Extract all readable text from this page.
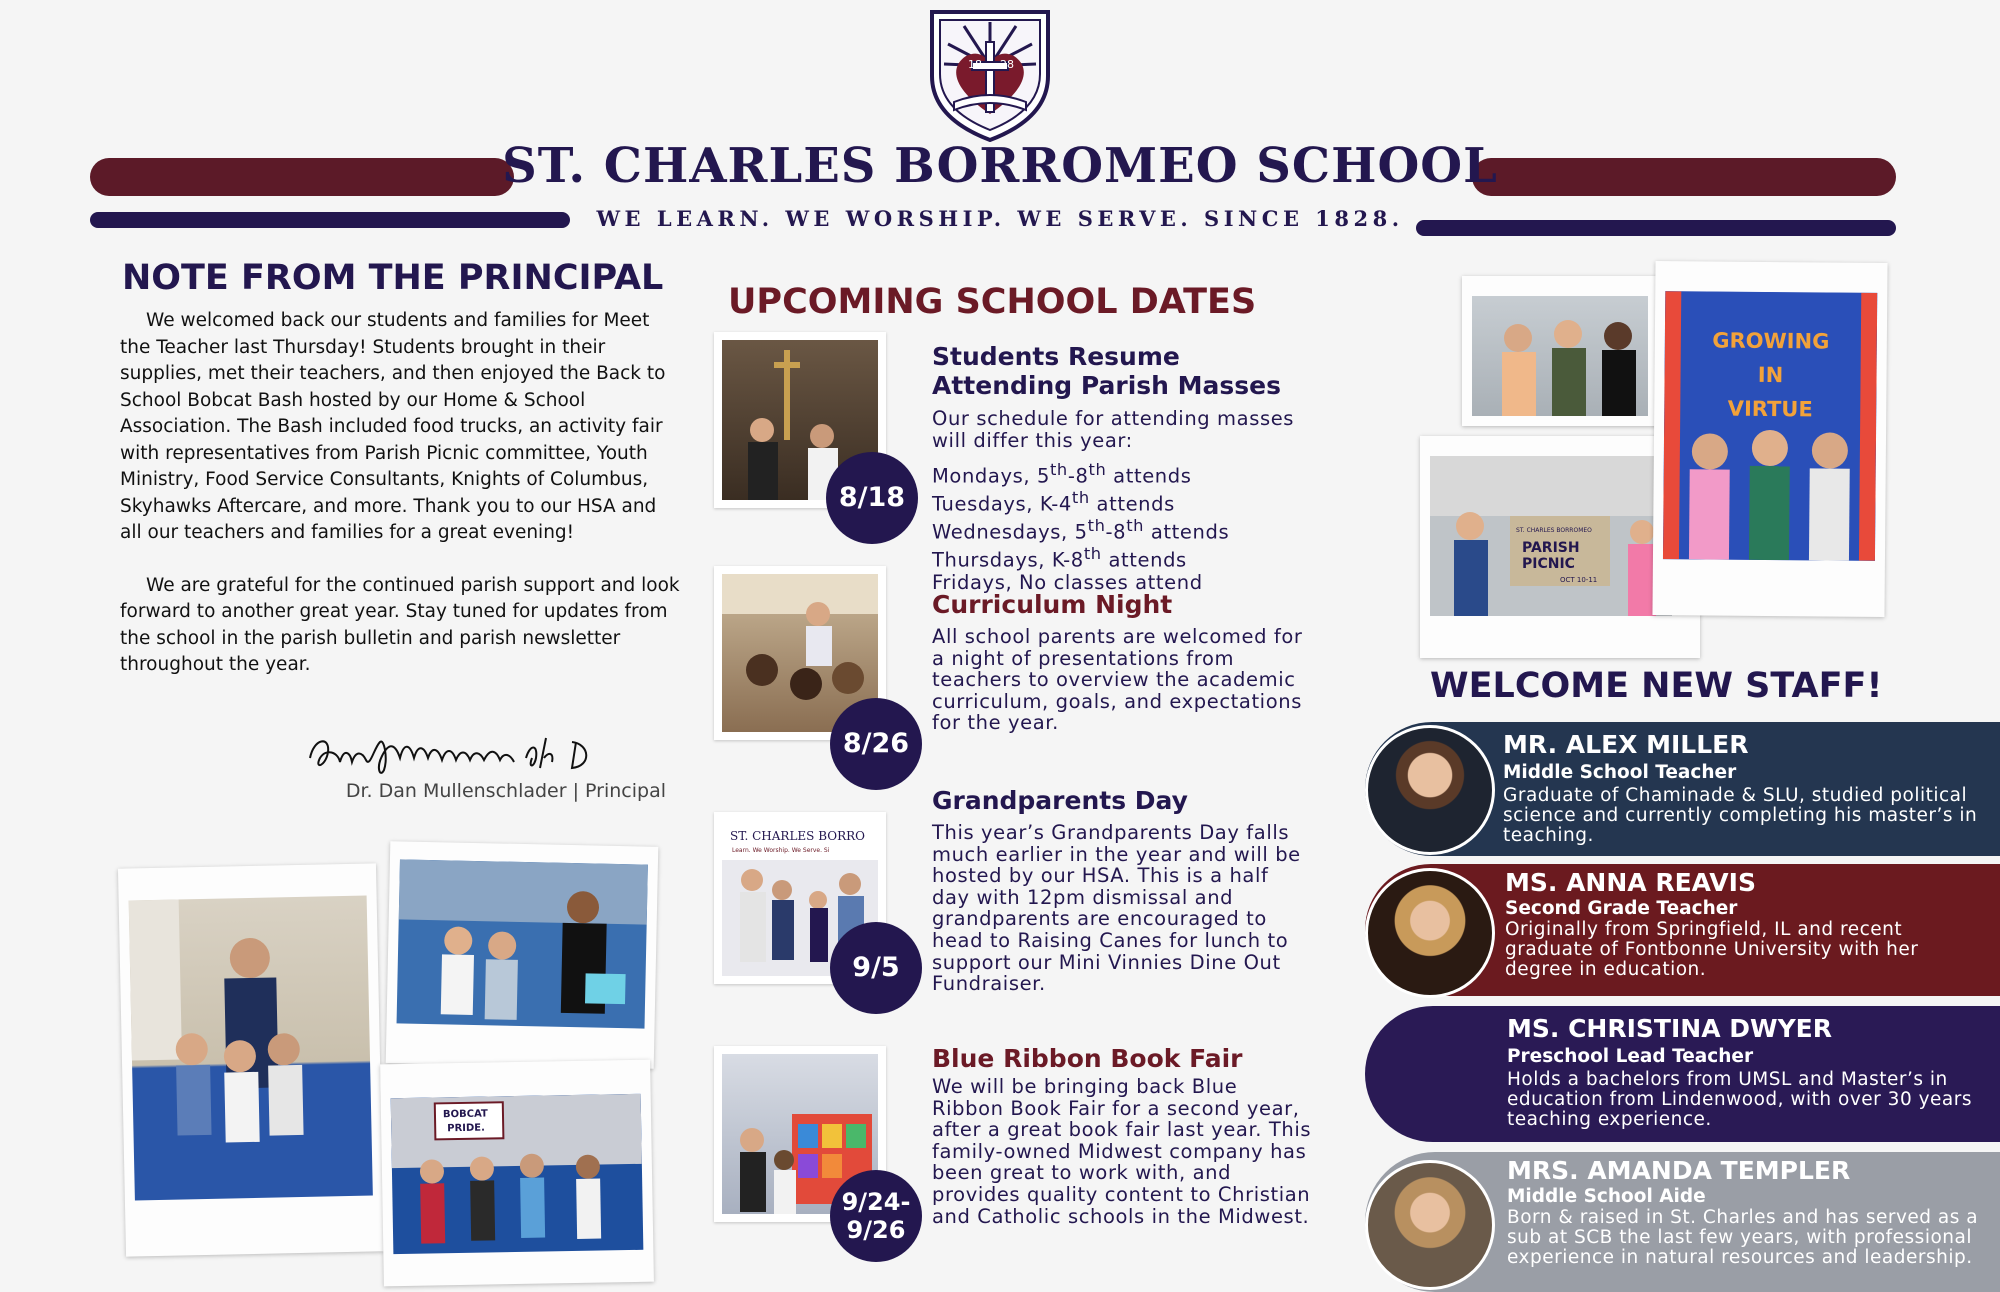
18 28
ST. CHARLES BORROMEO SCHOOL
WE LEARN. WE WORSHIP. WE SERVE. SINCE 1828.
NOTE FROM THE PRINCIPAL

We welcomed back our students and families for Meet the Teacher last Thursday! Students brought in their supplies, met their teachers, and then enjoyed the Back to School Bobcat Bash hosted by our Home & School Association. The Bash included food trucks, an activity fair with representatives from Parish Picnic committee, Youth Ministry, Food Service Consultants, Knights of Columbus, Skyhawks Aftercare, and more. Thank you to our HSA and all our teachers and families for a great evening!

We are grateful for the continued parish support and look forward to another great year. Stay tuned for updates from the school in the parish bulletin and parish newsletter throughout the year.

Dr. Dan Mullenschlader | Principal
BOBCAT
PRIDE.
UPCOMING SCHOOL DATES
8/18
Students Resume Attending Parish Masses
Our schedule for attending masses will differ this year:
Mondays, 5th-8th attends
Tuesdays, K-4th attends
Wednesdays, 5th-8th attends
Thursdays, K-8th attends
Fridays, No classes attend
8/26
Curriculum Night
All school parents are welcomed for a night of presentations from teachers to overview the academic curriculum, goals, and expectations for the year.
ST. CHARLES BORRO
Learn. We Worship. We Serve. Si
9/5
Grandparents Day
This year’s Grandparents Day falls much earlier in the year and will be hosted by our HSA. This is a half day with 12pm dismissal and grandparents are encouraged to head to Raising Canes for lunch to support our Mini Vinnies Dine Out Fundraiser.
9/24-
9/26
Blue Ribbon Book Fair
We will be bringing back Blue Ribbon Book Fair for a second year, after a great book fair last year. This family-owned Midwest company has been great to work with, and provides quality content to Christian and Catholic schools in the Midwest.
ST. CHARLES BORROMEO
PARISH
PICNIC
OCT 10-11
GROWING
IN
VIRTUE
WELCOME NEW STAFF!
MR. ALEX MILLER
Middle School Teacher
Graduate of Chaminade & SLU, studied political science and currently completing his master’s in teaching.
MS. ANNA REAVIS
Second Grade Teacher
Originally from Springfield, IL and recent graduate of Fontbonne University with her degree in education.
MS. CHRISTINA DWYER
Preschool Lead Teacher
Holds a bachelors from UMSL and Master’s in education from Lindenwood, with over 30 years teaching experience.
MRS. AMANDA TEMPLER
Middle School Aide
Born & raised in St. Charles and has served as a sub at SCB the last few years, with professional experience in natural resources and leadership.
